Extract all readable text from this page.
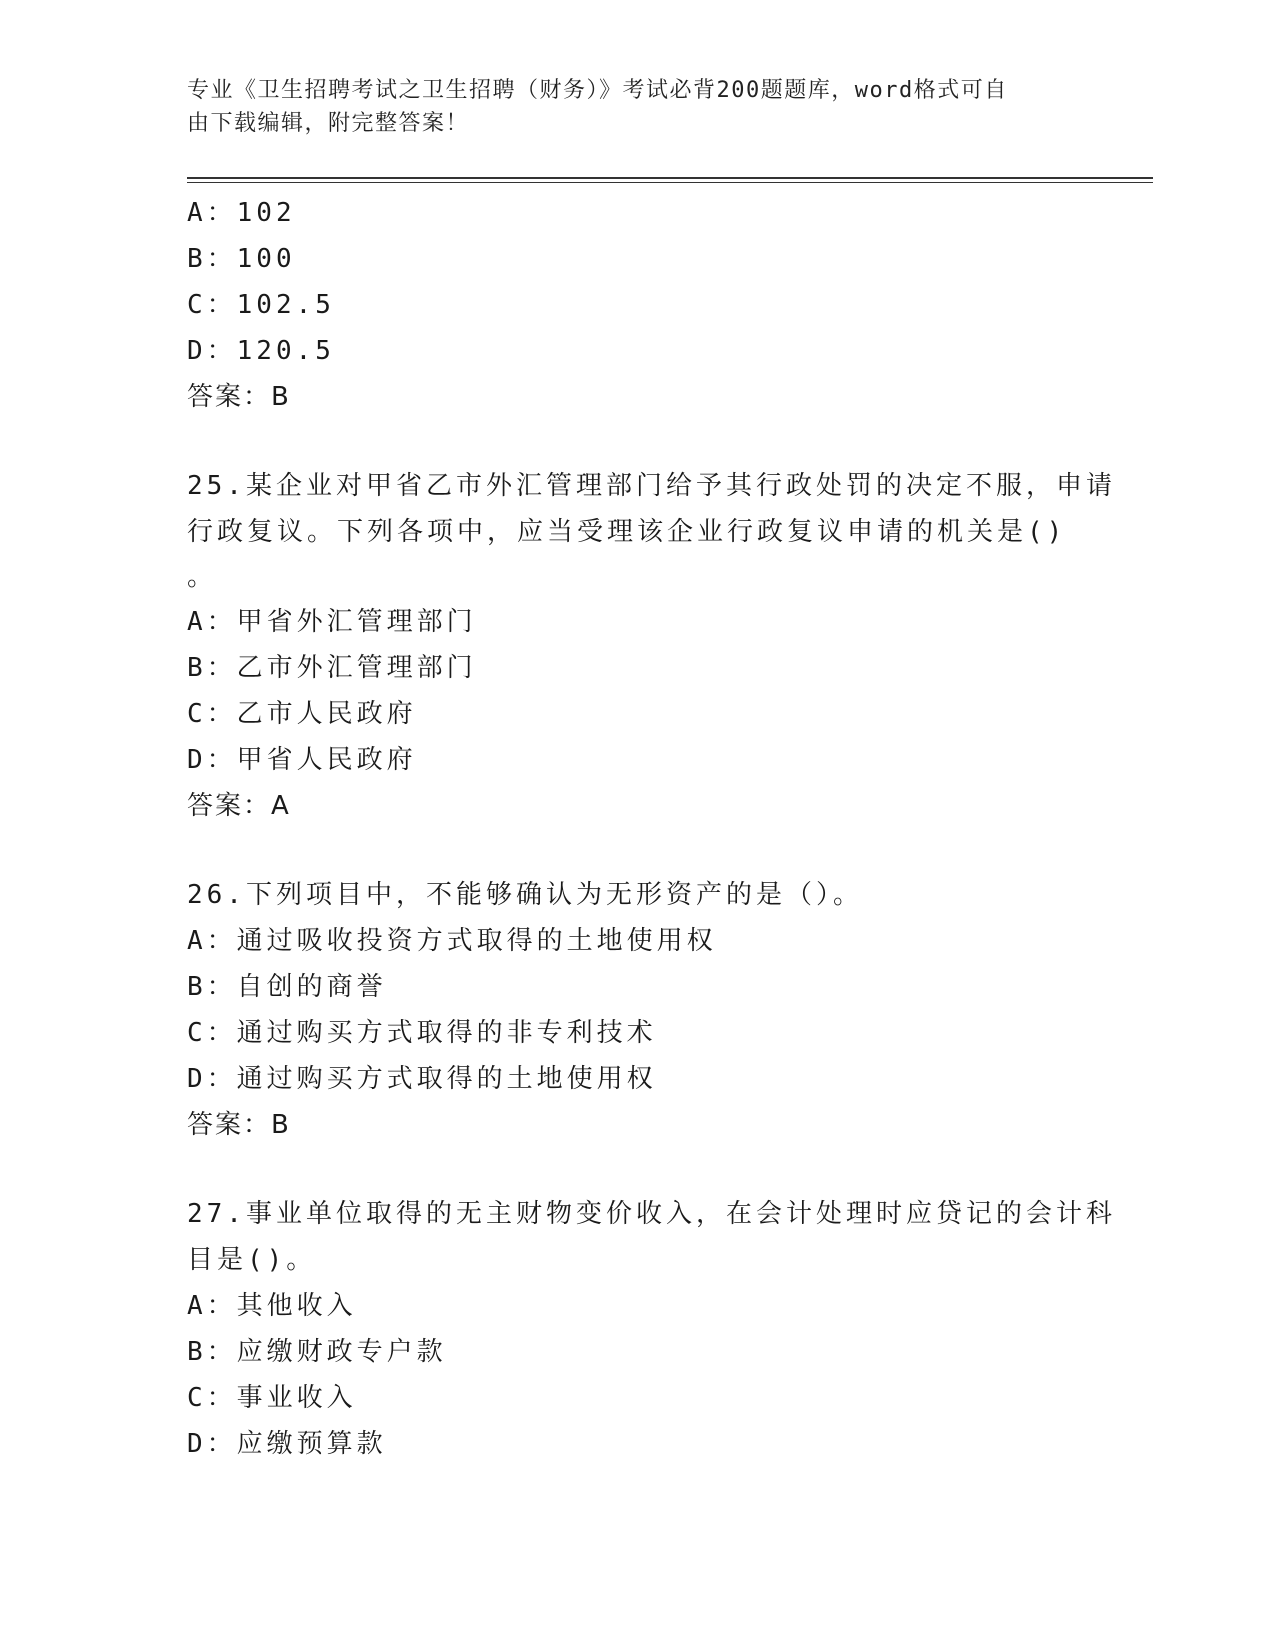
专业《卫生招聘考试之卫生招聘（财务）》考试必背200题题库，word格式可自
由下载编辑，附完整答案！
A：102
B：100
C：102.5
D：120.5
答案：B
25.某企业对甲省乙市外汇管理部门给予其行政处罚的决定不服，申请
行政复议。下列各项中，应当受理该企业行政复议申请的机关是()
。
A：甲省外汇管理部门
B：乙市外汇管理部门
C：乙市人民政府
D：甲省人民政府
答案：A
26.下列项目中，不能够确认为无形资产的是（）。
A：通过吸收投资方式取得的土地使用权
B：自创的商誉
C：通过购买方式取得的非专利技术
D：通过购买方式取得的土地使用权
答案：B
27.事业单位取得的无主财物变价收入，在会计处理时应贷记的会计科
目是()。
A：其他收入
B：应缴财政专户款
C：事业收入
D：应缴预算款
